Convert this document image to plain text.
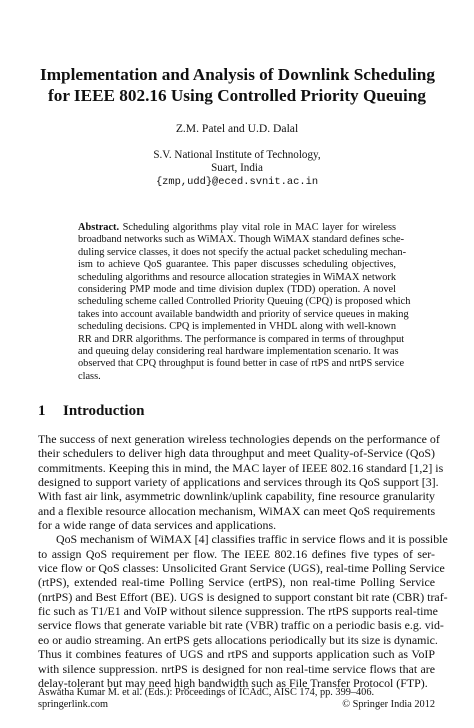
Implementation and Analysis of Downlink Scheduling
for IEEE 802.16 Using Controlled Priority Queuing
Z.M. Patel and U.D. Dalal
S.V. National Institute of Technology,
Suart, India
{zmp,udd}@eced.svnit.ac.in
Abstract. Scheduling algorithms play vital role in MAC layer for wireless
broadband networks such as WiMAX. Though WiMAX standard defines sche-
duling service classes, it does not specify the actual packet scheduling mechan-
ism to achieve QoS guarantee. This paper discusses scheduling objectives,
scheduling algorithms and resource allocation strategies in WiMAX network
considering PMP mode and time division duplex (TDD) operation. A novel
scheduling scheme called Controlled Priority Queuing (CPQ) is proposed which
takes into account available bandwidth and priority of service queues in making
scheduling decisions. CPQ is implemented in VHDL along with well-known
RR and DRR algorithms. The performance is compared in terms of throughput
and queuing delay considering real hardware implementation scenario. It was
observed that CPQ throughput is found better in case of rtPS and nrtPS service
class.
1 Introduction
The success of next generation wireless technologies depends on the performance of
their schedulers to deliver high data throughput and meet Quality-of-Service (QoS)
commitments. Keeping this in mind, the MAC layer of IEEE 802.16 standard [1,2] is
designed to support variety of applications and services through its QoS support [3].
With fast air link, asymmetric downlink/uplink capability, fine resource granularity
and a flexible resource allocation mechanism, WiMAX can meet QoS requirements
for a wide range of data services and applications.
QoS mechanism of WiMAX [4] classifies traffic in service flows and it is possible
to assign QoS requirement per flow. The IEEE 802.16 defines five types of ser-
vice flow or QoS classes: Unsolicited Grant Service (UGS), real-time Polling Service
(rtPS), extended real-time Polling Service (ertPS), non real-time Polling Service
(nrtPS) and Best Effort (BE). UGS is designed to support constant bit rate (CBR) traf-
fic such as T1/E1 and VoIP without silence suppression. The rtPS supports real-time
service flows that generate variable bit rate (VBR) traffic on a periodic basis e.g. vid-
eo or audio streaming. An ertPS gets allocations periodically but its size is dynamic.
Thus it combines features of UGS and rtPS and supports application such as VoIP
with silence suppression. nrtPS is designed for non real-time service flows that are
delay-tolerant but may need high bandwidth such as File Transfer Protocol (FTP).
Aswatha Kumar M. et al. (Eds.): Proceedings of ICAdC, AISC 174, pp. 399–406.
springerlink.com	© Springer India 2012
